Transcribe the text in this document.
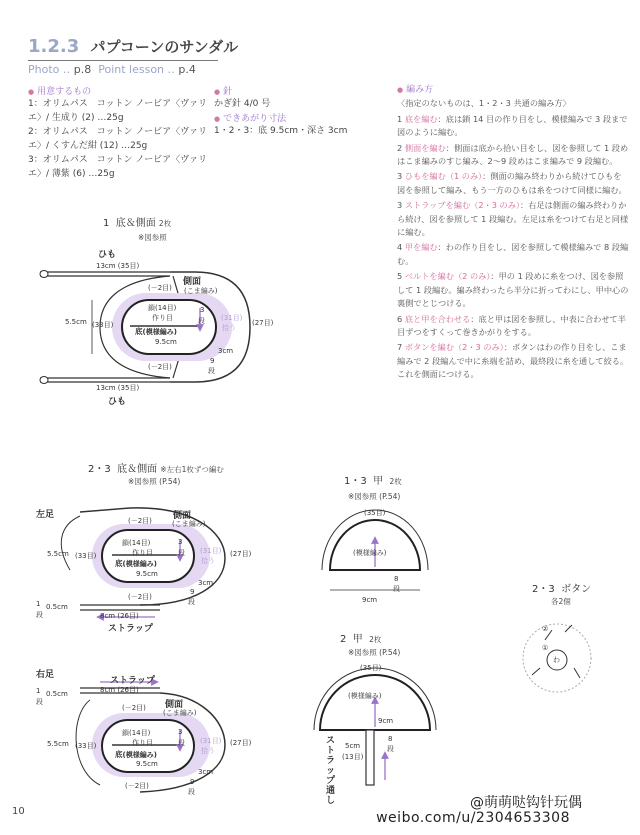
1.2.3 パプコーンのサンダル
Photo ‥ p.8 Point lesson ‥ p.4
● 用意するもの
1：オリムパス　コットン ノービア〈ヴァリ
エ〉/ 生成り (2) …25g
2：オリムパス　コットン ノービア〈ヴァリ
エ〉/ くすんだ紺 (12) …25g
3：オリムパス　コットン ノービア〈ヴァリ
エ〉/ 薄紫 (6) …25g
● 針
かぎ針 4/0 号
● できあがり寸法
1・2・3：底 9.5cm・深さ 3cm
● 編み方

〈指定のないものは、1・2・3 共通の編み方〉

1 底を編む：底は鎖 14 目の作り目をし、模様編みで 3 段まで図のように編む。

2 側面を編む：側面は底から拾い目をし、図を参照して 1 段めはこま編みのすじ編み、2～9 段めはこま編みで 9 段編む。

3 ひもを編む（1 のみ）：側面の編み終わりから続けてひもを図を参照して編み、もう一方のひもは糸をつけて同様に編む。

3 ストラップを編む（2・3 のみ）：右足は側面の編み終わりから続け、図を参照して 1 段編む。左足は糸をつけて右足と同様に編む。

4 甲を編む：わの作り目をし、図を参照して模様編みで 8 段編む。

5 ベルトを編む（2 のみ）：甲の 1 段めに糸をつけ、図を参照して 1 段編む。編み終わったら半分に折ってわにし、甲中心の裏側でとじつける。

6 底と甲を合わせる：底と甲は図を参照し、中表に合わせて半目ずつをすくって巻きかがりをする。

7 ボタンを編む（2・3 のみ）：ボタンはわの作り目をし、こま編みで 2 段編んで中に糸端を詰め、最終段に糸を通して絞る。これを側面につける。

1 底＆側面 2枚
※図参照
ひも
13cm (35目)
側面
(こま編み)
(－2目)
鎖(14目)
作り目
3
段
底(模様編み)
9.5cm
5.5cm (33目)	(27目)
(31目)
拾う
3cm
9
段
(－2目)
13cm (35目)
ひも
2・3 底＆側面 ※左右1枚ずつ編む
※図参照 (P.54)
左足	側面
(こま編み)
(－2目)
鎖(14目)
作り目
3
段
底(模様編み)
9.5cm
5.5cm (33目)	(27目)
(31目)
拾う
3cm
9
段
(－2目)
1
段
0.5cm
8cm (26目)
ストラップ
右足
ストラップ
1
段
0.5cm	8cm (26目)
側面
(こま編み)
(－2目)
鎖(14目)
作り目
3
段
底(模様編み)
9.5cm
5.5cm (33目)	(27目)
(31目)
拾う
3cm
9
段
(－2目)
1・3 甲 2枚
※図参照 (P.54)
(35目)
(模様編み)
8
段
9cm
2 甲 2枚
※図参照 (P.54)
(35目)
(模様編み)
9cm
8
段
5cm
(13目)
ストラップ通し
2・3 ボタン
各2個
②
①
わ
10
@萌萌哒钩针玩偶
weibo.com/u/2304653308
